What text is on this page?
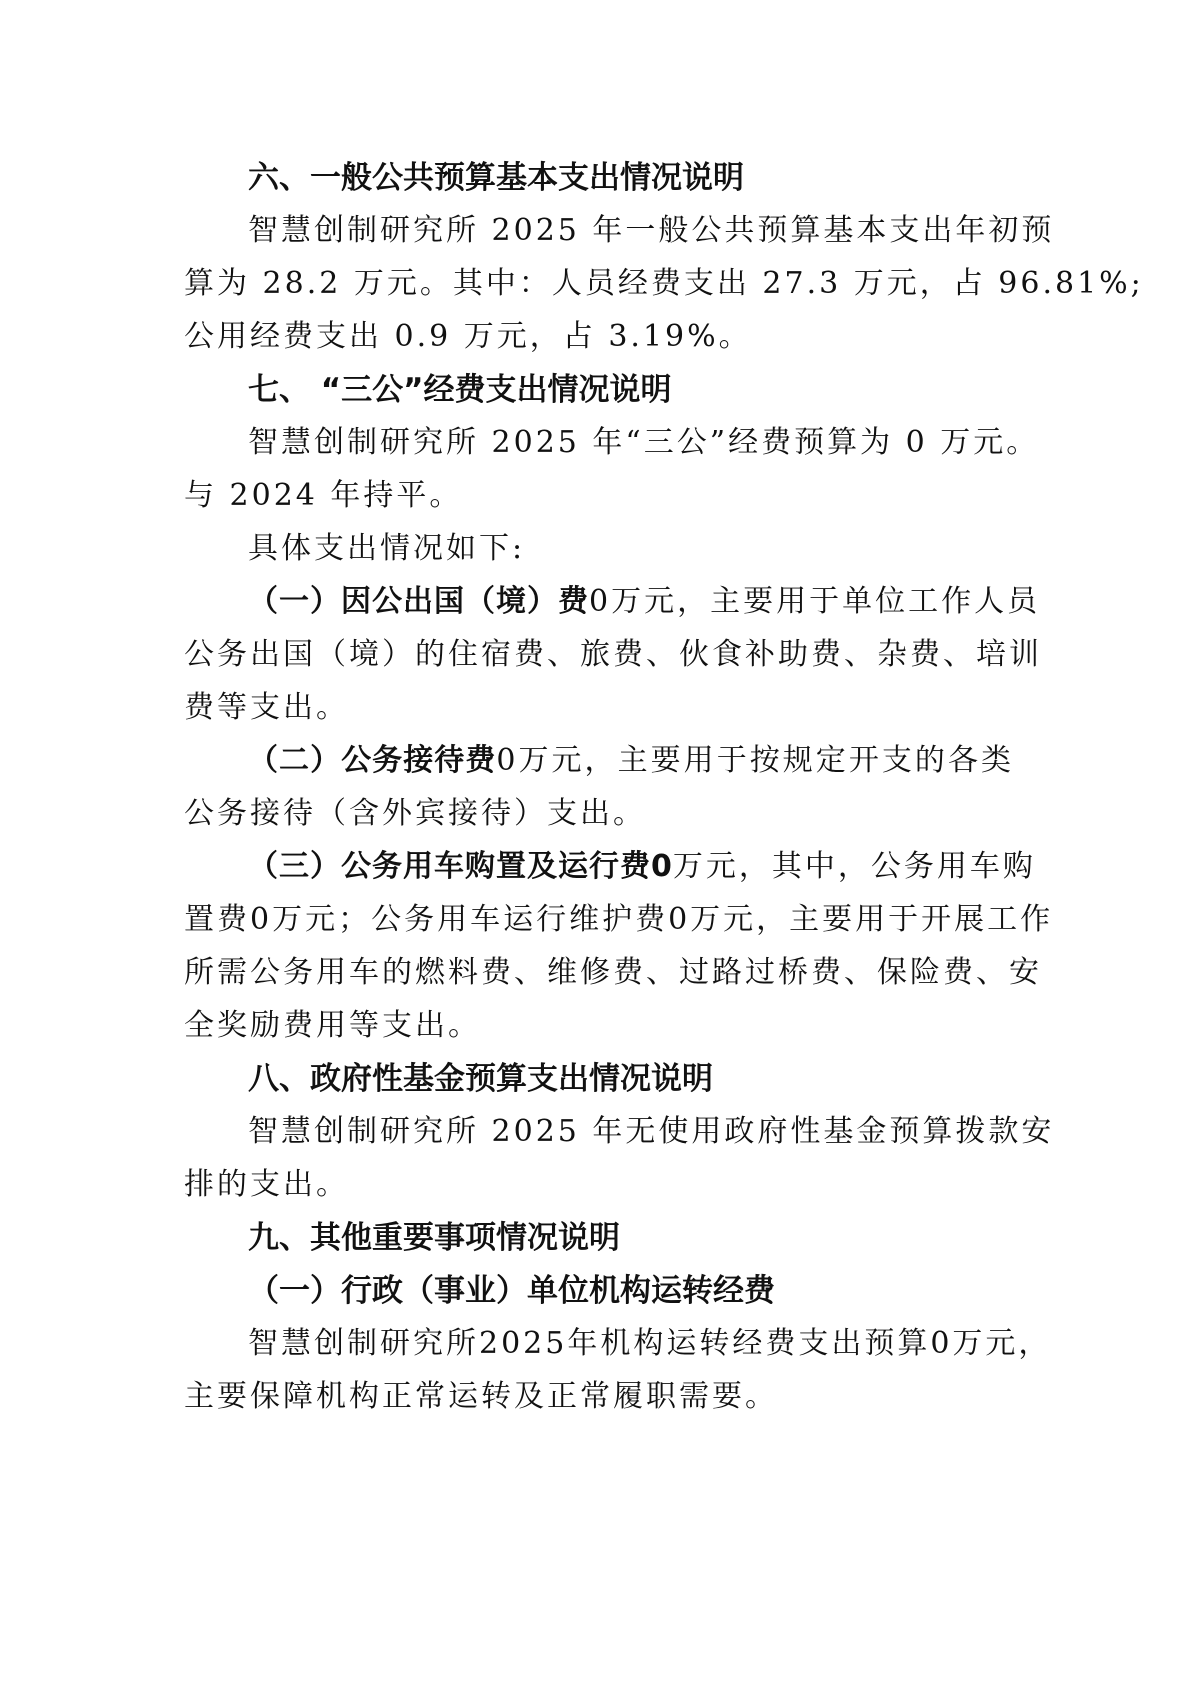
六、一般公共预算基本支出情况说明
智慧创制研究所 2025 年一般公共预算基本支出年初预
算为 28.2 万元。其中：人员经费支出 27.3 万元，占 96.81%;
公用经费支出 0.9 万元，占 3.19%。
七、 “三公”经费支出情况说明
智慧创制研究所 2025 年“三公”经费预算为 0 万元。
与 2024 年持平。
具体支出情况如下:
（一）因公出国（境）费0万元，主要用于单位工作人员
公务出国（境）的住宿费、旅费、伙食补助费、杂费、培训
费等支出。
（二）公务接待费0万元，主要用于按规定开支的各类
公务接待（含外宾接待）支出。
（三）公务用车购置及运行费0万元，其中，公务用车购
置费0万元；公务用车运行维护费0万元，主要用于开展工作
所需公务用车的燃料费、维修费、过路过桥费、保险费、安
全奖励费用等支出。
八、政府性基金预算支出情况说明
智慧创制研究所 2025 年无使用政府性基金预算拨款安
排的支出。
九、其他重要事项情况说明
（一）行政（事业）单位机构运转经费
智慧创制研究所2025年机构运转经费支出预算0万元，
主要保障机构正常运转及正常履职需要。
